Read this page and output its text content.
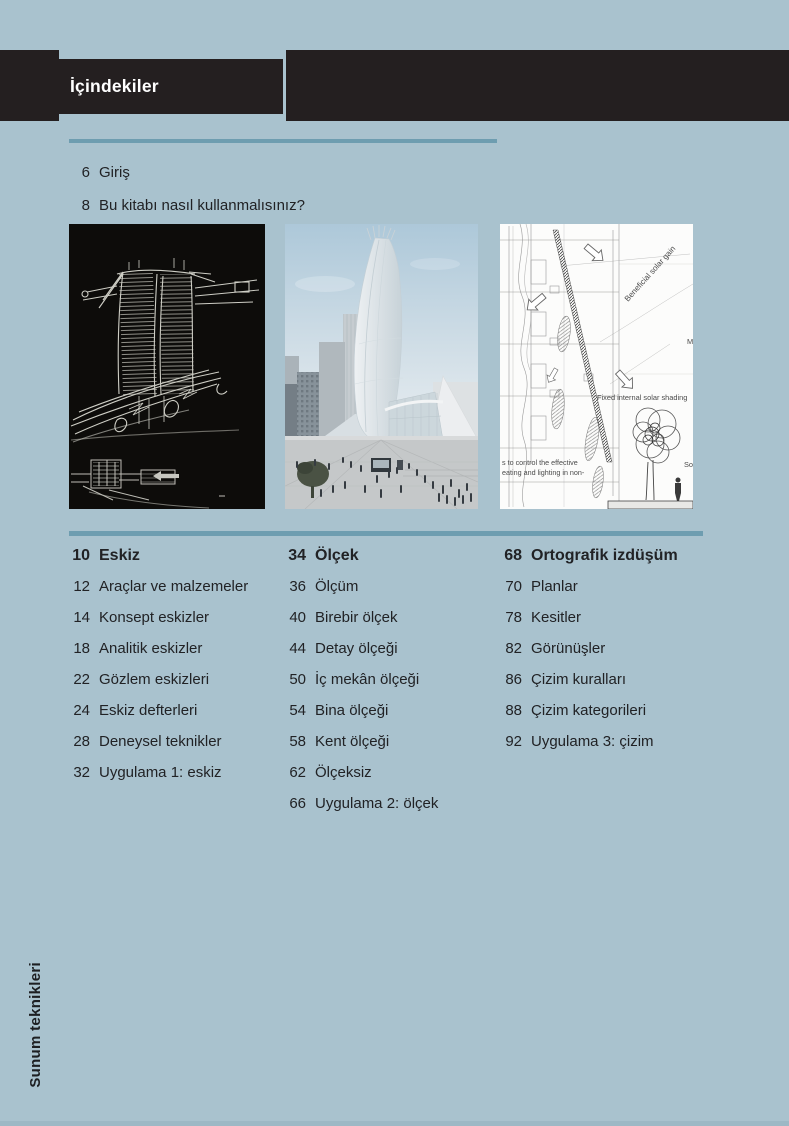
İçindekiler
6 Giriş
8 Bu kitabı nasıl kullanmalısınız?
Beneficial solar gain
Fixed internal solar shading
s to control the effective
eating and lighting in non-
So
M
10 Eskiz
12 Araçlar ve malzemeler
14 Konsept eskizler
18 Analitik eskizler
22 Gözlem eskizleri
24 Eskiz defterleri
28 Deneysel teknikler
32 Uygulama 1: eskiz
34 Ölçek
36 Ölçüm
40 Birebir ölçek
44 Detay ölçeği
50 İç mekân ölçeği
54 Bina ölçeği
58 Kent ölçeği
62 Ölçeksiz
66 Uygulama 2: ölçek
68 Ortografik izdüşüm
70 Planlar
78 Kesitler
82 Görünüşler
86 Çizim kuralları
88 Çizim kategorileri
92 Uygulama 3: çizim
Sunum teknikleri
